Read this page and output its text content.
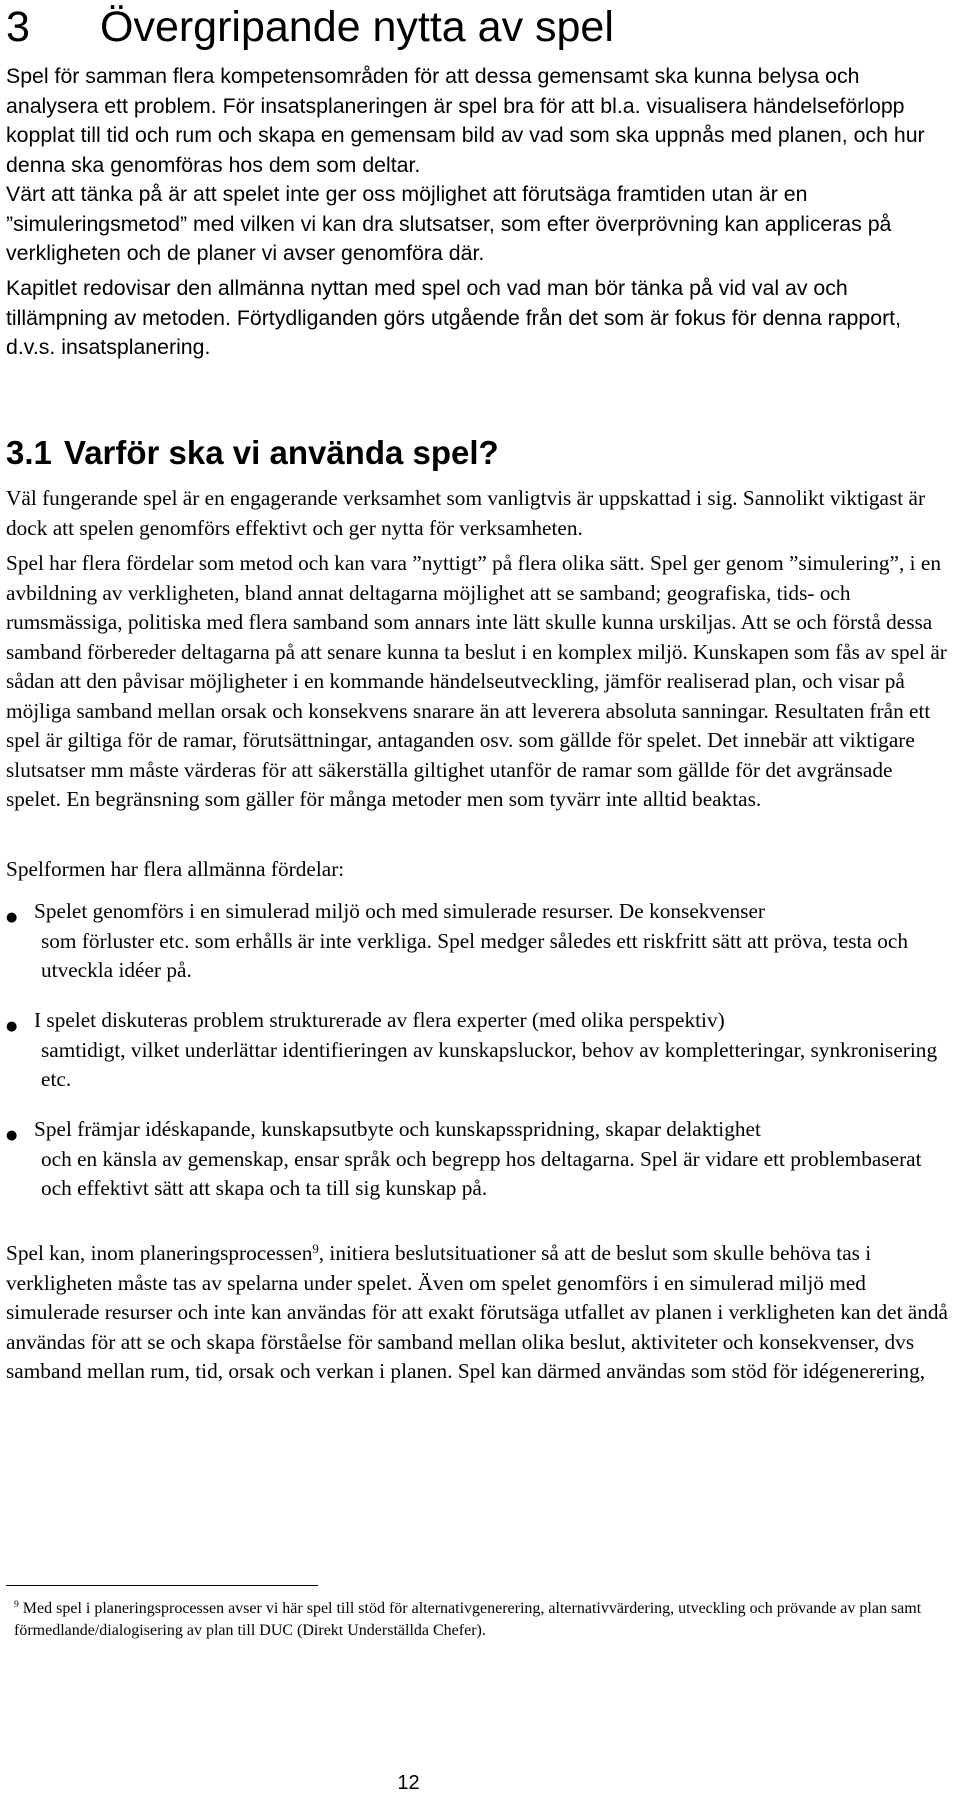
3 Övergripande nytta av spel

Spel för samman flera kompetensområden för att dessa gemensamt ska kunna belysa och analysera ett problem. För insatsplaneringen är spel bra för att bl.a. visualisera händelseförlopp kopplat till tid och rum och skapa en gemensam bild av vad som ska uppnås med planen, och hur denna ska genomföras hos dem som deltar.

Värt att tänka på är att spelet inte ger oss möjlighet att förutsäga framtiden utan är en ”simuleringsmetod” med vilken vi kan dra slutsatser, som efter överprövning kan appliceras på verkligheten och de planer vi avser genomföra där.

Kapitlet redovisar den allmänna nyttan med spel och vad man bör tänka på vid val av och tillämpning av metoden. Förtydliganden görs utgående från det som är fokus för denna rapport, d.v.s. insatsplanering.

3.1 Varför ska vi använda spel?

Väl fungerande spel är en engagerande verksamhet som vanligtvis är uppskattad i sig. Sannolikt viktigast är dock att spelen genomförs effektivt och ger nytta för verksamheten.

Spel har flera fördelar som metod och kan vara ”nyttigt” på flera olika sätt. Spel ger genom ”simulering”, i en avbildning av verkligheten, bland annat deltagarna möjlighet att se samband; geografiska, tids- och rumsmässiga, politiska med flera samband som annars inte lätt skulle kunna urskiljas. Att se och förstå dessa samband förbereder deltagarna på att senare kunna ta beslut i en komplex miljö. Kunskapen som fås av spel är sådan att den påvisar möjligheter i en kommande händelseutveckling, jämför realiserad plan, och visar på möjliga samband mellan orsak och konsekvens snarare än att leverera absoluta sanningar. Resultaten från ett spel är giltiga för de ramar, förutsättningar, antaganden osv. som gällde för spelet. Det innebär att viktigare slutsatser mm måste värderas för att säkerställa giltighet utanför de ramar som gällde för det avgränsade spelet. En begränsning som gäller för många metoder men som tyvärr inte alltid beaktas.

Spelformen har flera allmänna fördelar:

● Spelet genomförs i en simulerad miljö och med simulerade resurser. De konsekvenser
som förluster etc. som erhålls är inte verkliga. Spel medger således ett riskfritt sätt att pröva, testa och utveckla idéer på.

● I spelet diskuteras problem strukturerade av flera experter (med olika perspektiv)
samtidigt, vilket underlättar identifieringen av kunskapsluckor, behov av kompletteringar, synkronisering etc.

● Spel främjar idéskapande, kunskapsutbyte och kunskapsspridning, skapar delaktighet
och en känsla av gemenskap, ensar språk och begrepp hos deltagarna. Spel är vidare ett problembaserat och effektivt sätt att skapa och ta till sig kunskap på.

Spel kan, inom planeringsprocessen$^9$, initiera beslutsituationer så att de beslut som skulle behöva tas i verkligheten måste tas av spelarna under spelet. Även om spelet genomförs i en simulerad miljö med simulerade resurser och inte kan användas för att exakt förutsäga utfallet av planen i verkligheten kan det ändå användas för att se och skapa förståelse för samband mellan olika beslut, aktiviteter och konsekvenser, dvs samband mellan rum, tid, orsak och verkan i planen. Spel kan därmed användas som stöd för idégenerering,

$^9$ Med spel i planeringsprocessen avser vi här spel till stöd för alternativgenerering, alternativvärdering, utveckling och prövande av plan samt förmedlande/dialogisering av plan till DUC (Direkt Underställda Chefer).

12
